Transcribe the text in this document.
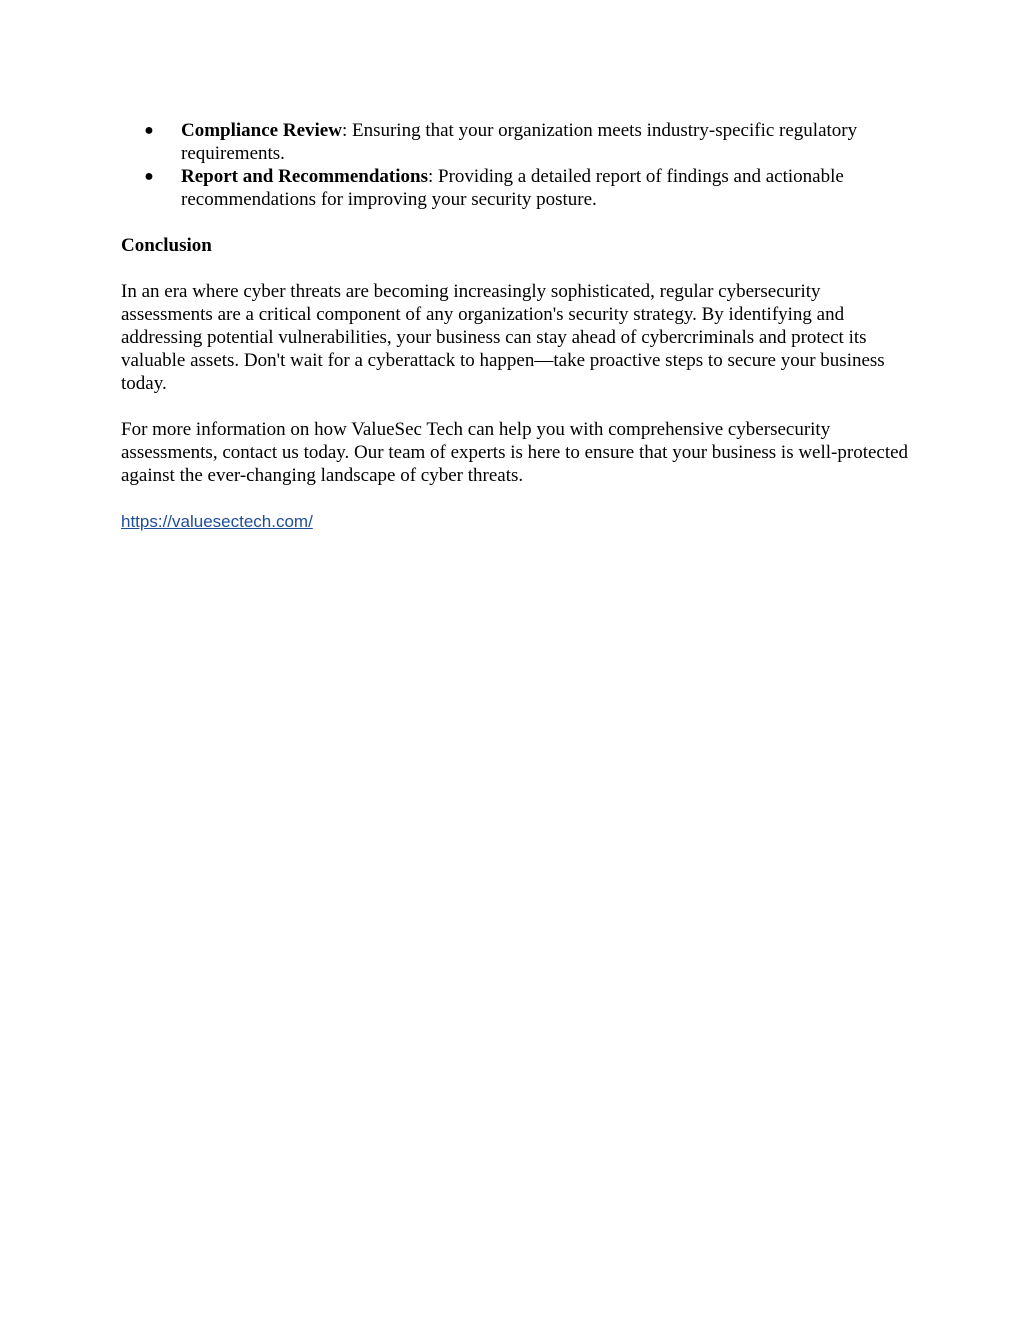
● Compliance Review: Ensuring that your organization meets industry-specific regulatory requirements.
● Report and Recommendations: Providing a detailed report of findings and actionable recommendations for improving your security posture.
Conclusion

In an era where cyber threats are becoming increasingly sophisticated, regular cybersecurity assessments are a critical component of any organization's security strategy. By identifying and addressing potential vulnerabilities, your business can stay ahead of cybercriminals and protect its valuable assets. Don't wait for a cyberattack to happen—take proactive steps to secure your business today.

For more information on how ValueSec Tech can help you with comprehensive cybersecurity assessments, contact us today. Our team of experts is here to ensure that your business is well-protected against the ever-changing landscape of cyber threats.

https://valuesectech.com/
